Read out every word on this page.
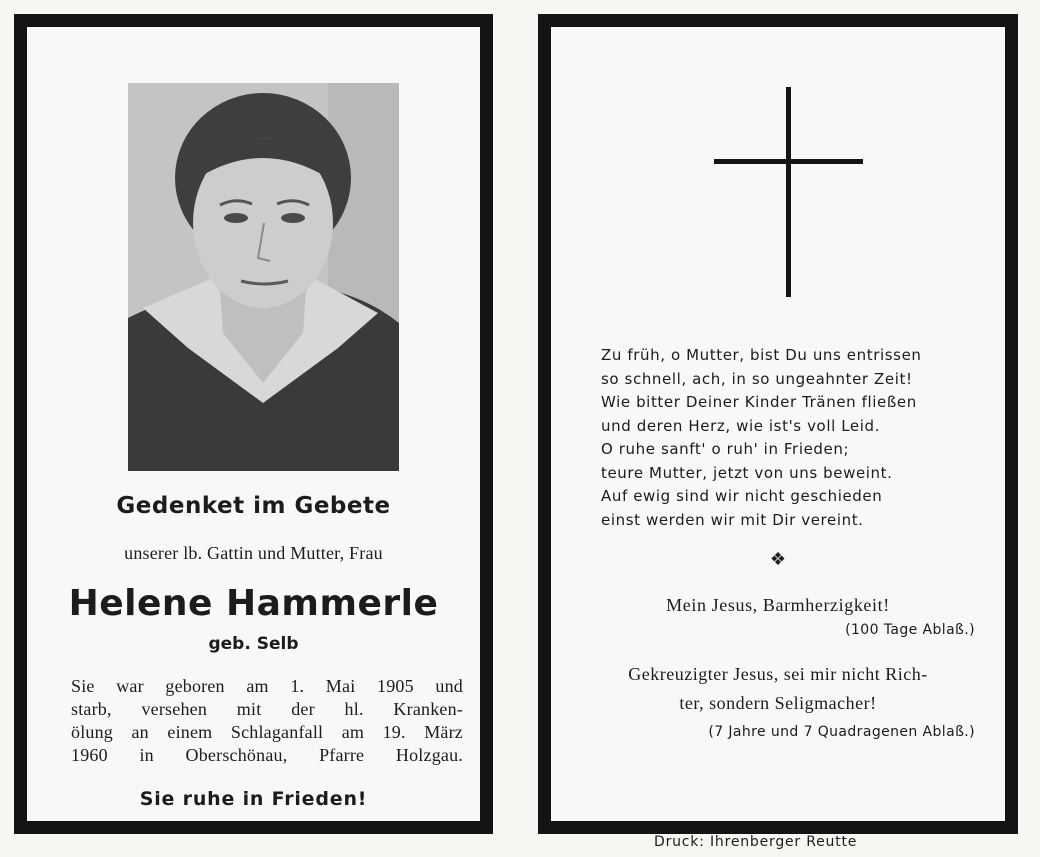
Gedenket im Gebete
unserer lb. Gattin und Mutter, Frau
Helene Hammerle
geb. Selb
Sie war geboren am 1. Mai 1905 und
starb, versehen mit der hl. Kranken-
ölung an einem Schlaganfall am 19. März
1960 in Oberschönau, Pfarre Holzgau.
Sie ruhe in Frieden!
Zu früh, o Mutter, bist Du uns entrissen
so schnell, ach, in so ungeahnter Zeit!
Wie bitter Deiner Kinder Tränen fließen
und deren Herz, wie ist's voll Leid.
O ruhe sanft' o ruh' in Frieden;
teure Mutter, jetzt von uns beweint.
Auf ewig sind wir nicht geschieden
einst werden wir mit Dir vereint.
❖
Mein Jesus, Barmherzigkeit!
(100 Tage Ablaß.)
Gekreuzigter Jesus, sei mir nicht Rich-
ter, sondern Seligmacher!
(7 Jahre und 7 Quadragenen Ablaß.)
Druck: Ihrenberger Reutte
